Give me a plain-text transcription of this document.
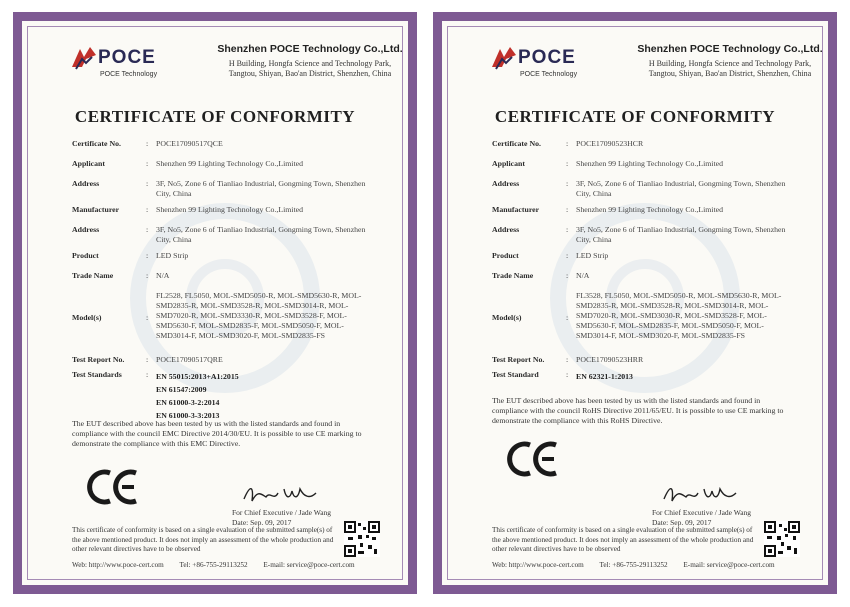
POCE
POCE Technology
Shenzhen POCE Technology Co.,Ltd.
H Building, Hongfa Science and Technology Park,
Tangtou, Shiyan, Bao'an District, Shenzhen, China
CERTIFICATE OF CONFORMITY
Certificate No.	: POCE17090517QCE
Applicant	: Shenzhen 99 Lighting Technology Co.,Limited
Address	: 3F, No5, Zone 6 of Tianliao Industrial, Gongming Town, Shenzhen City, China
Manufacturer	: Shenzhen 99 Lighting Technology Co.,Limited
Address	: 3F, No5, Zone 6 of Tianliao Industrial, Gongming Town, Shenzhen City, China
Product	: LED Strip
Trade Name	: N/A
Model(s)	:
FL2528, FL5050, MOL-SMD5050-R, MOL-SMD5630-R, MOL-SMD2835-R, MOL-SMD3528-R, MOL-SMD3014-R, MOL-SMD7020-R, MOL-SMD3330-R, MOL-SMD3528-F, MOL-SMD5630-F, MOL-SMD2835-F, MOL-SMD5050-F, MOL-SMD3014-F, MOL-SMD3020-F, MOL-SMD2835-FS
Test Report No.	: POCE17090517QRE
Test Standards	: EN 55015:2013+A1:2015
EN 61547:2009
EN 61000-3-2:2014
EN 61000-3-3:2013
The EUT described above has been tested by us with the listed standards and found in compliance with the council EMC Directive 2014/30/EU. It is possible to use CE marking to demonstrate the compliance with this EMC Directive.
For Chief Executive / Jade Wang
Date: Sep. 09, 2017
This certificate of conformity is based on a single evaluation of the submitted sample(s) of the above mentioned product. It does not imply an assessment of the whole production and other relevant directives have to be observed
Web: http://www.poce-cert.com Tel: +86-755-29113252 E-mail: service@poce-cert.com
NO0173244
POCE
POCE Technology
Shenzhen POCE Technology Co.,Ltd.
H Building, Hongfa Science and Technology Park,
Tangtou, Shiyan, Bao'an District, Shenzhen, China
CERTIFICATE OF CONFORMITY
Certificate No.	: POCE17090523HCR
Applicant	: Shenzhen 99 Lighting Technology Co.,Limited
Address	: 3F, No5, Zone 6 of Tianliao Industrial, Gongming Town, Shenzhen City, China
Manufacturer	: Shenzhen 99 Lighting Technology Co.,Limited
Address	: 3F, No5, Zone 6 of Tianliao Industrial, Gongming Town, Shenzhen City, China
Product	: LED Strip
Trade Name	: N/A
Model(s)	:
FL3528, FL5050, MOL-SMD5050-R, MOL-SMD5630-R, MOL-SMD2835-R, MOL-SMD3528-R, MOL-SMD3014-R, MOL-SMD7020-R, MOL-SMD3030-R, MOL-SMD3528-F, MOL-SMD5630-F, MOL-SMD2835-F, MOL-SMD5050-F, MOL-SMD3014-F, MOL-SMD3020-F, MOL-SMD2835-FS
Test Report No.	: POCE17090523HRR
Test Standard	: EN 62321-1:2013
The EUT described above has been tested by us with the listed standards and found in compliance with the council RoHS Directive 2011/65/EU. It is possible to use CE marking to demonstrate the compliance with this RoHS Directive.
For Chief Executive / Jade Wang
Date: Sep. 09, 2017
This certificate of conformity is based on a single evaluation of the submitted sample(s) of the above mentioned product. It does not imply an assessment of the whole production and other relevant directives have to be observed
Web: http://www.poce-cert.com Tel: +86-755-29113252 E-mail: service@poce-cert.com
NO0173245
